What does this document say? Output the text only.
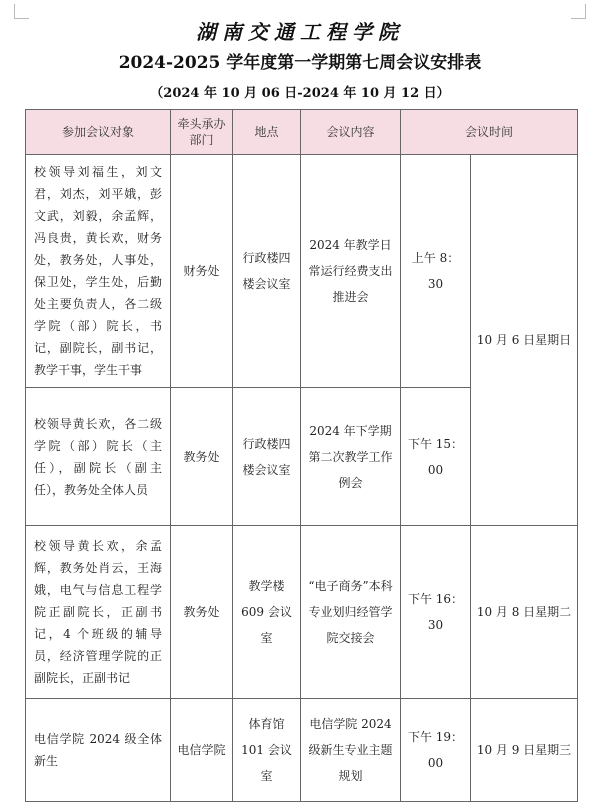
湖南交通工程学院
2024-2025 学年度第一学期第七周会议安排表
（2024 年 10 月 06 日-2024 年 10 月 12 日）
参加会议对象	牵头承办部门	地点	会议内容	会议时间	
校领导刘福生，刘文君，刘杰，刘平娥，彭文武，刘毅，余孟辉，冯良贵，黄长欢，财务处，教务处，人事处，保卫处，学生处，后勤处主要负责人，各二级学院（部）院长，书记，副院长，副书记，教学干事，学生干事	财务处	行政楼四楼会议室	2024 年教学日常运行经费支出推进会	上午 8：30	10 月 6 日星期日
校领导黄长欢，各二级学院（部）院长（主任），副院长（副主任），教务处全体人员	教务处	行政楼四楼会议室	2024 年下学期第二次教学工作例会	下午 15：00	
校领导黄长欢，余孟辉，教务处肖云，王海娥，电气与信息工程学院正副院长，正副书记，4 个班级的辅导员，经济管理学院的正副院长，正副书记	教务处	教学楼 609 会议室	“电子商务”本科专业划归经管学院交接会	下午 16：30	10 月 8 日星期二
电信学院 2024 级全体新生	电信学院	体育馆 101 会议室	电信学院 2024 级新生专业主题规划	下午 19：00	10 月 9 日星期三
